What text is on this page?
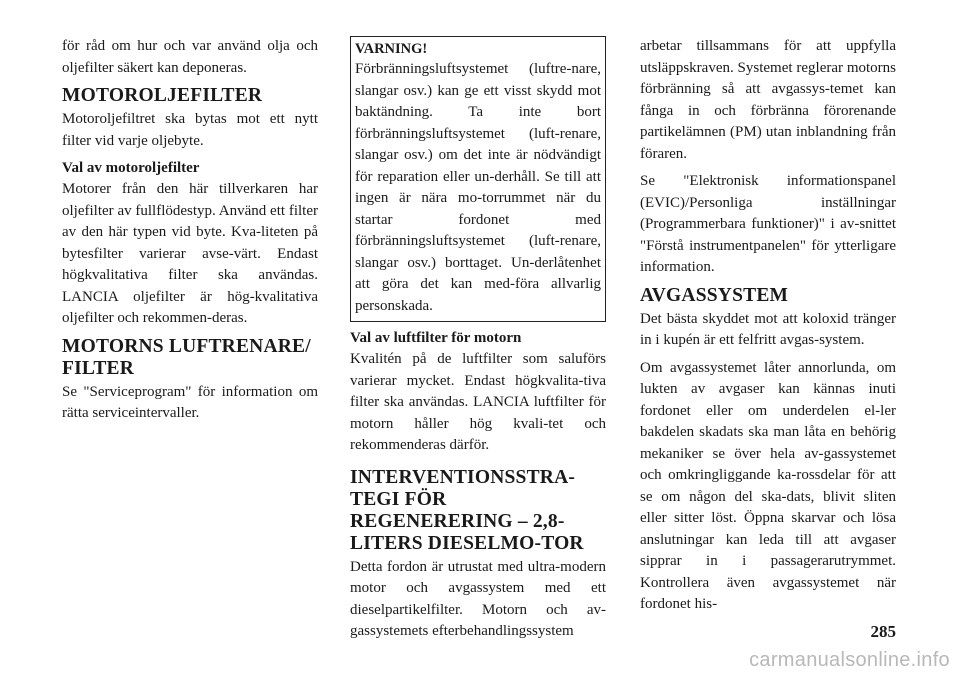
för råd om hur och var använd olja och oljefilter säkert kan deponeras.

MOTOROLJEFILTER

Motoroljefiltret ska bytas mot ett nytt filter vid varje oljebyte.

Val av motoroljefilter

Motorer från den här tillverkaren har oljefilter av fullflödestyp. Använd ett filter av den här typen vid byte. Kva-liteten på bytesfilter varierar avse-värt. Endast högkvalitativa filter ska användas. LANCIA oljefilter är hög-kvalitativa oljefilter och rekommen-deras.

MOTORNS LUFTRENARE/ FILTER

Se "Serviceprogram" för information om rätta serviceintervaller.

VARNING!

Förbränningsluftsystemet (luftre-nare, slangar osv.) kan ge ett visst skydd mot baktändning. Ta inte bort förbränningsluftsystemet (luft-renare, slangar osv.) om det inte är nödvändigt för reparation eller un-derhåll. Se till att ingen är nära mo-torrummet när du startar fordonet med förbränningsluftsystemet (luft-renare, slangar osv.) borttaget. Un-derlåtenhet att göra det kan med-föra allvarlig personskada.

Val av luftfilter för motorn

Kvalitén på de luftfilter som saluförs varierar mycket. Endast högkvalita-tiva filter ska användas. LANCIA luftfilter för motorn håller hög kvali-tet och rekommenderas därför.

INTERVENTIONSSTRA-TEGI FÖR REGENERERING – 2,8-LITERS DIESELMO-TOR

Detta fordon är utrustat med ultra-modern motor och avgassystem med ett dieselpartikelfilter. Motorn och av-gassystemets efterbehandlingssystem

arbetar tillsammans för att uppfylla utsläppskraven. Systemet reglerar motorns förbränning så att avgassys-temet kan fånga in och förbränna förorenande partikelämnen (PM) utan inblandning från föraren.

Se "Elektronisk informationspanel (EVIC)/Personliga inställningar (Programmerbara funktioner)" i av-snittet "Förstå instrumentpanelen" för ytterligare information.

AVGASSYSTEM

Det bästa skyddet mot att koloxid tränger in i kupén är ett felfritt avgas-system.

Om avgassystemet låter annorlunda, om lukten av avgaser kan kännas inuti fordonet eller om underdelen el-ler bakdelen skadats ska man låta en behörig mekaniker se över hela av-gassystemet och omkringliggande ka-rossdelar för att se om någon del ska-dats, blivit sliten eller sitter löst. Öppna skarvar och lösa anslutningar kan leda till att avgaser sipprar in i passagerarutrymmet. Kontrollera även avgassystemet när fordonet his-

285
carmanualsonline.info
